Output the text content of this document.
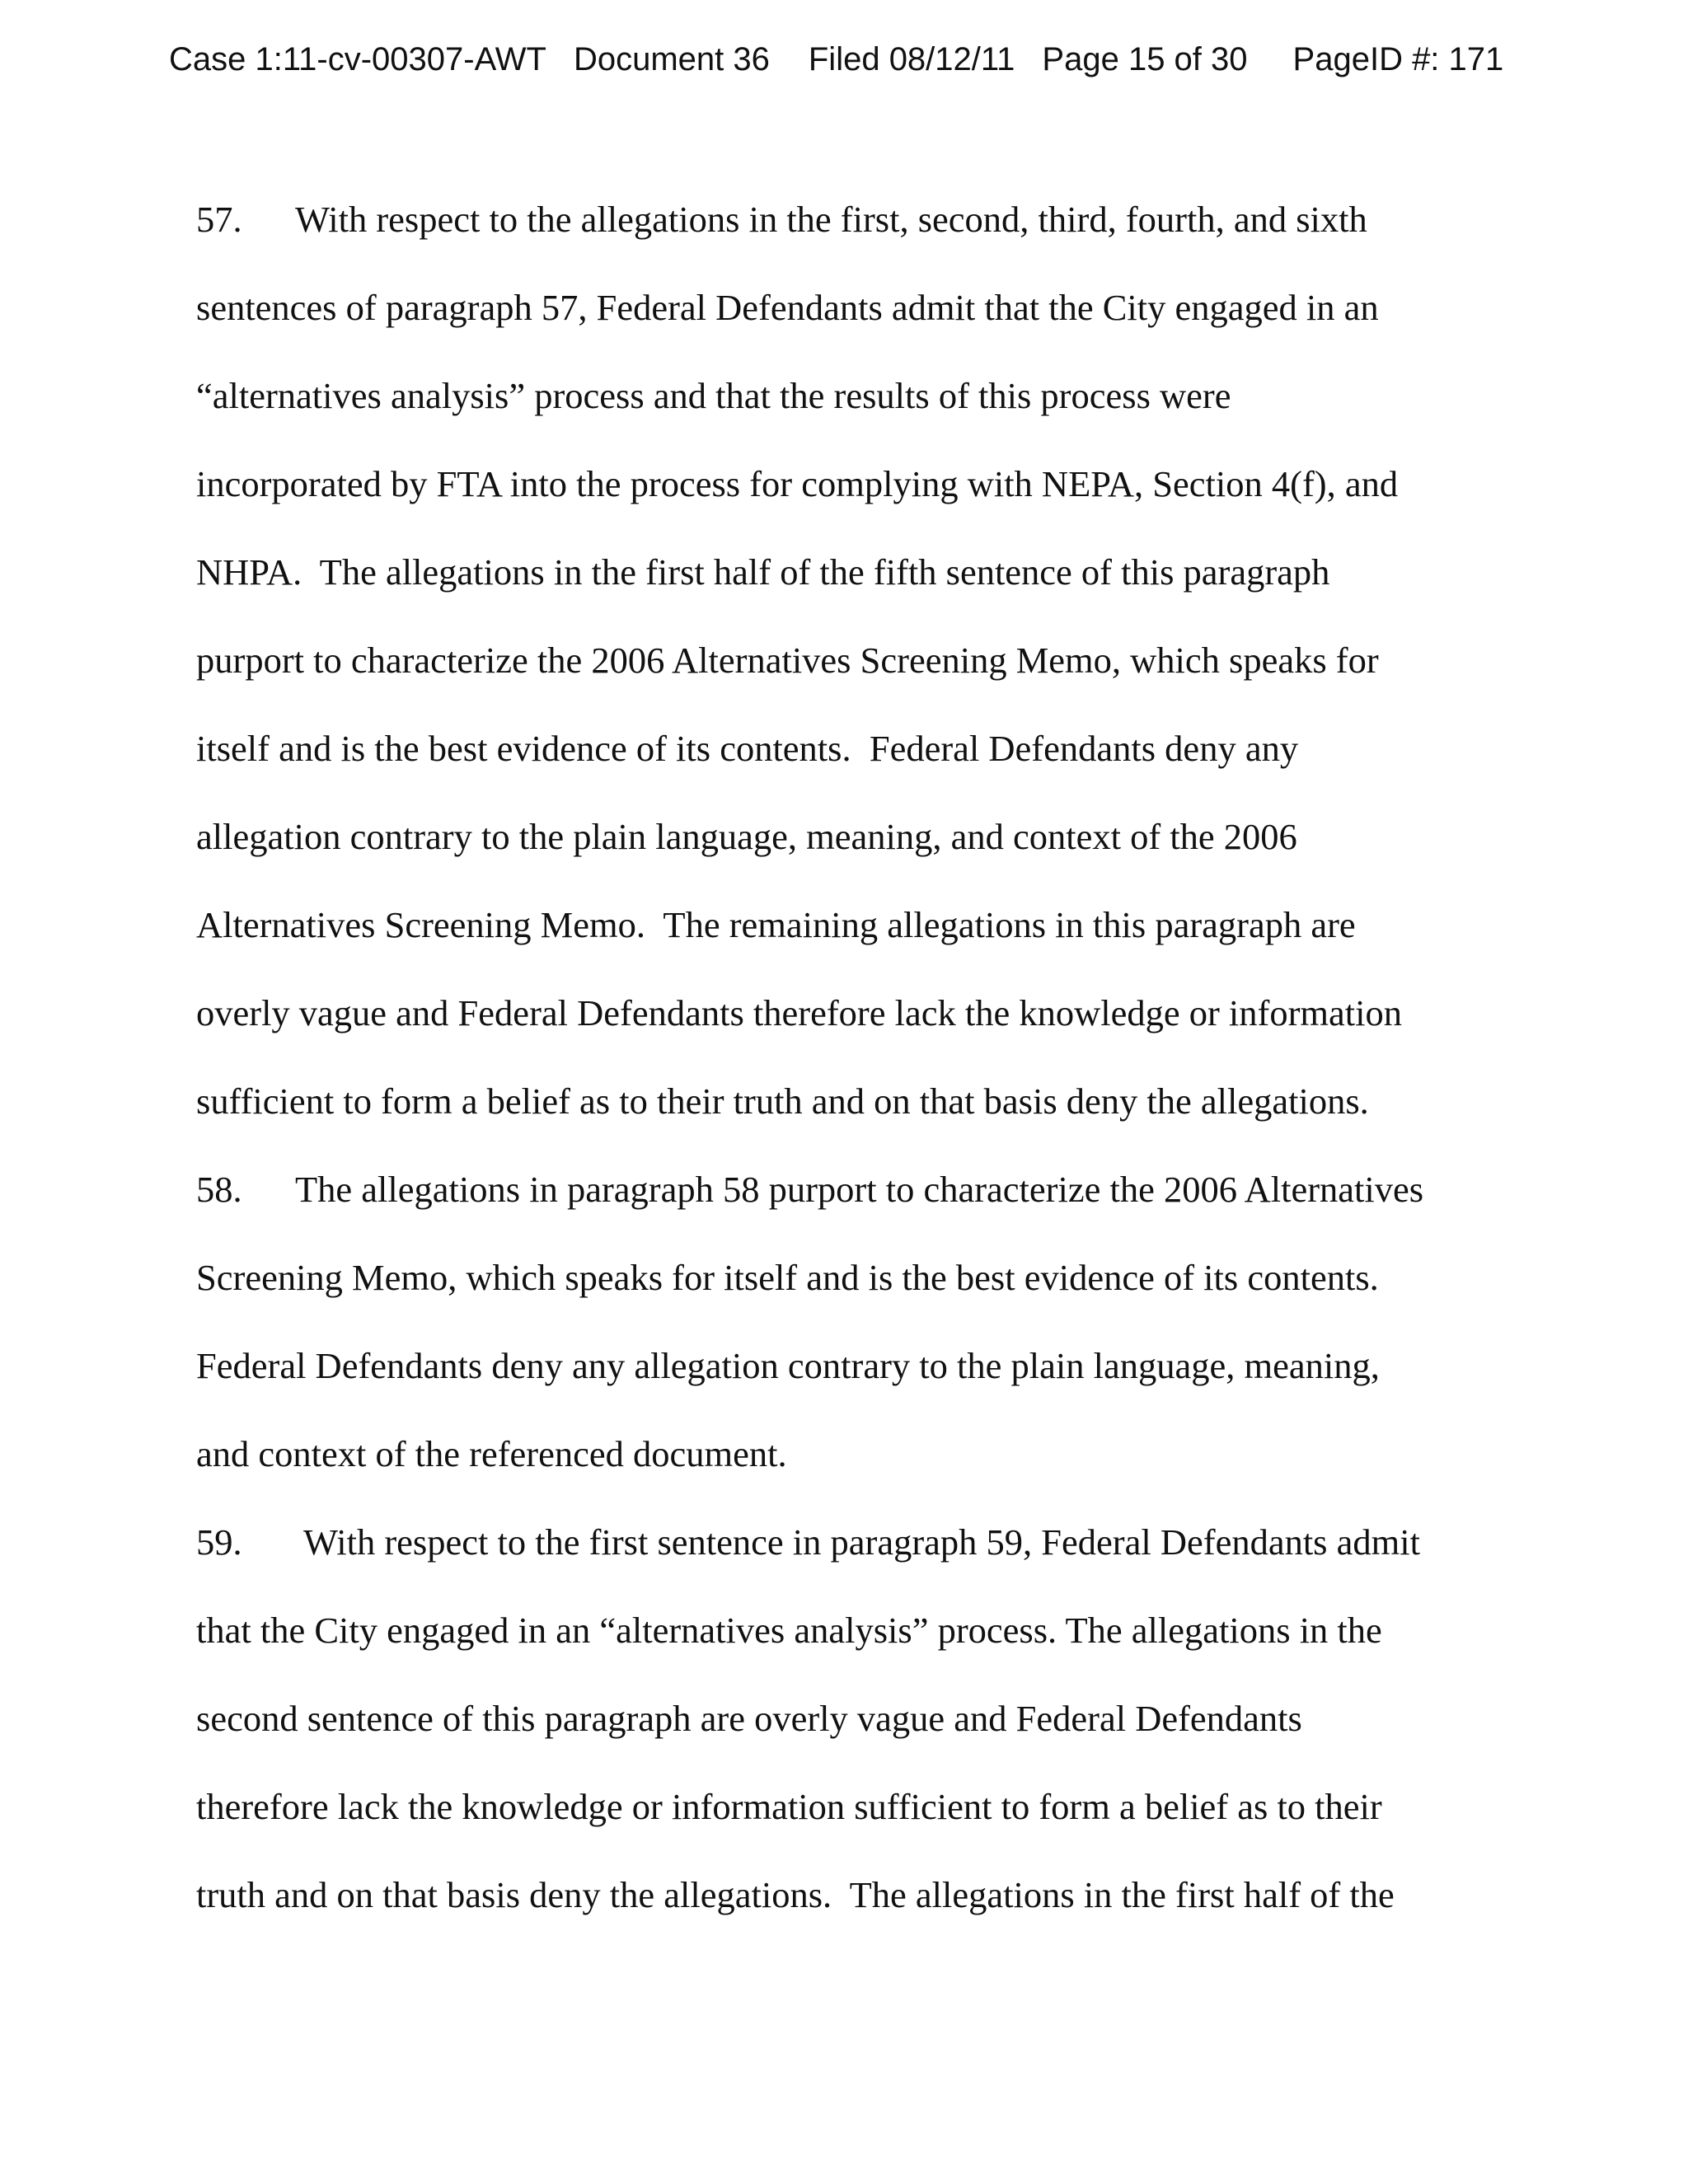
Case 1:11-cv-00307-AWT Document 36 Filed 08/12/11 Page 15 of 30 PageID #: 171
57. With respect to the allegations in the first, second, third, fourth, and sixth
sentences of paragraph 57, Federal Defendants admit that the City engaged in an
“alternatives analysis” process and that the results of this process were
incorporated by FTA into the process for complying with NEPA, Section 4(f), and
NHPA.  The allegations in the first half of the fifth sentence of this paragraph
purport to characterize the 2006 Alternatives Screening Memo, which speaks for
itself and is the best evidence of its contents.  Federal Defendants deny any
allegation contrary to the plain language, meaning, and context of the 2006
Alternatives Screening Memo.  The remaining allegations in this paragraph are
overly vague and Federal Defendants therefore lack the knowledge or information
sufficient to form a belief as to their truth and on that basis deny the allegations.
58. The allegations in paragraph 58 purport to characterize the 2006 Alternatives
Screening Memo, which speaks for itself and is the best evidence of its contents.
Federal Defendants deny any allegation contrary to the plain language, meaning,
and context of the referenced document.
59. With respect to the first sentence in paragraph 59, Federal Defendants admit
that the City engaged in an “alternatives analysis” process. The allegations in the
second sentence of this paragraph are overly vague and Federal Defendants
therefore lack the knowledge or information sufficient to form a belief as to their
truth and on that basis deny the allegations.  The allegations in the first half of the
